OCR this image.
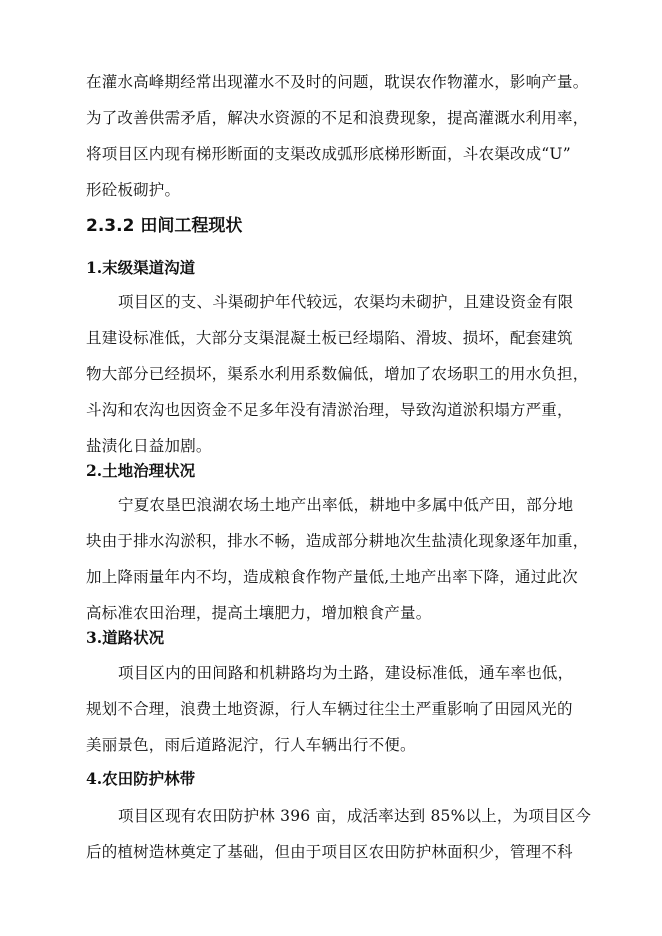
在灌水高峰期经常出现灌水不及时的问题，耽误农作物灌水，影响产量。
为了改善供需矛盾，解决水资源的不足和浪费现象，提高灌溉水利用率，
将项目区内现有梯形断面的支渠改成弧形底梯形断面，斗农渠改成“U”
形砼板砌护。

2.3.2 田间工程现状
1.末级渠道沟道

项目区的支、斗渠砌护年代较远，农渠均未砌护，且建设资金有限
且建设标准低，大部分支渠混凝土板已经塌陷、滑坡、损坏，配套建筑
物大部分已经损坏，渠系水利用系数偏低，增加了农场职工的用水负担，
斗沟和农沟也因资金不足多年没有清淤治理，导致沟道淤积塌方严重，
盐渍化日益加剧。

2.土地治理状况

宁夏农垦巴浪湖农场土地产出率低，耕地中多属中低产田，部分地
块由于排水沟淤积，排水不畅，造成部分耕地次生盐渍化现象逐年加重，
加上降雨量年内不均，造成粮食作物产量低,土地产出率下降，通过此次
高标准农田治理，提高土壤肥力，增加粮食产量。

3.道路状况

项目区内的田间路和机耕路均为土路，建设标准低，通车率也低，
规划不合理，浪费土地资源，行人车辆过往尘土严重影响了田园风光的
美丽景色，雨后道路泥泞，行人车辆出行不便。

4.农田防护林带

项目区现有农田防护林 396 亩，成活率达到 85%以上，为项目区今
后的植树造林奠定了基础，但由于项目区农田防护林面积少，管理不科
